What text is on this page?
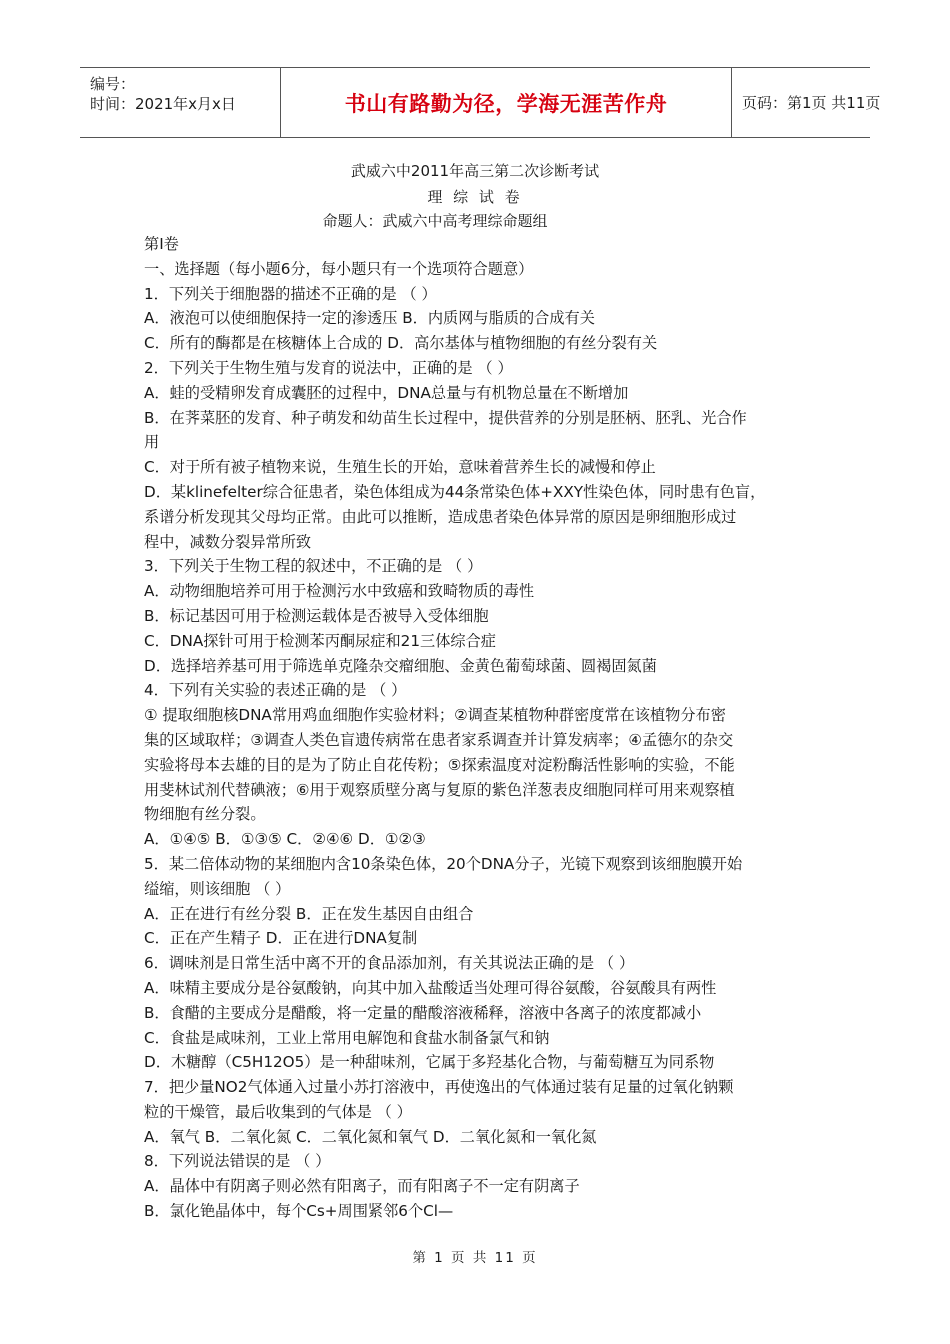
编号：
时间：2021年x月x日	书山有路勤为径，学海无涯苦作舟	页码：第1页 共11页
武威六中2011年高三第二次诊断考试
理 综 试 卷
命题人：武威六中高考理综命题组
第Ⅰ卷
一、选择题（每小题6分，每小题只有一个选项符合题意）
1．下列关于细胞器的描述不正确的是 （ ）
A．液泡可以使细胞保持一定的渗透压 B．内质网与脂质的合成有关
C．所有的酶都是在核糖体上合成的 D．高尔基体与植物细胞的有丝分裂有关
2．下列关于生物生殖与发育的说法中，正确的是 （ ）
A．蛙的受精卵发育成囊胚的过程中，DNA总量与有机物总量在不断增加
B．在荠菜胚的发育、种子萌发和幼苗生长过程中，提供营养的分别是胚柄、胚乳、光合作
用
C．对于所有被子植物来说，生殖生长的开始，意味着营养生长的减慢和停止
D．某klinefelter综合征患者，染色体组成为44条常染色体+XXY性染色体，同时患有色盲，
系谱分析发现其父母均正常。由此可以推断，造成患者染色体异常的原因是卵细胞形成过
程中，减数分裂异常所致
3．下列关于生物工程的叙述中，不正确的是 （ ）
A．动物细胞培养可用于检测污水中致癌和致畸物质的毒性
B．标记基因可用于检测运载体是否被导入受体细胞
C．DNA探针可用于检测苯丙酮尿症和21三体综合症
D．选择培养基可用于筛选单克隆杂交瘤细胞、金黄色葡萄球菌、圆褐固氮菌
4．下列有关实验的表述正确的是 （ ）
① 提取细胞核DNA常用鸡血细胞作实验材料；②调查某植物种群密度常在该植物分布密
集的区域取样；③调查人类色盲遗传病常在患者家系调查并计算发病率；④孟德尔的杂交
实验将母本去雄的目的是为了防止自花传粉；⑤探索温度对淀粉酶活性影响的实验，不能
用斐林试剂代替碘液；⑥用于观察质壁分离与复原的紫色洋葱表皮细胞同样可用来观察植
物细胞有丝分裂。
A．①④⑤ B．①③⑤ C．②④⑥ D．①②③
5．某二倍体动物的某细胞内含10条染色体，20个DNA分子，光镜下观察到该细胞膜开始
缢缩，则该细胞 （ ）
A．正在进行有丝分裂 B．正在发生基因自由组合
C．正在产生精子 D．正在进行DNA复制
6．调味剂是日常生活中离不开的食品添加剂，有关其说法正确的是 （ ）
A．味精主要成分是谷氨酸钠，向其中加入盐酸适当处理可得谷氨酸，谷氨酸具有两性
B．食醋的主要成分是醋酸，将一定量的醋酸溶液稀释，溶液中各离子的浓度都减小
C．食盐是咸味剂，工业上常用电解饱和食盐水制备氯气和钠
D．木糖醇（C5H12O5）是一种甜味剂，它属于多羟基化合物，与葡萄糖互为同系物
7．把少量NO2气体通入过量小苏打溶液中，再使逸出的气体通过装有足量的过氧化钠颗
粒的干燥管，最后收集到的气体是 （ ）
A．氧气 B．二氧化氮 C．二氧化氮和氧气 D．二氧化氮和一氧化氮
8．下列说法错误的是 （ ）
A．晶体中有阴离子则必然有阳离子，而有阳离子不一定有阴离子
B．氯化铯晶体中，每个Cs+周围紧邻6个Cl—
第 1 页 共 11 页
